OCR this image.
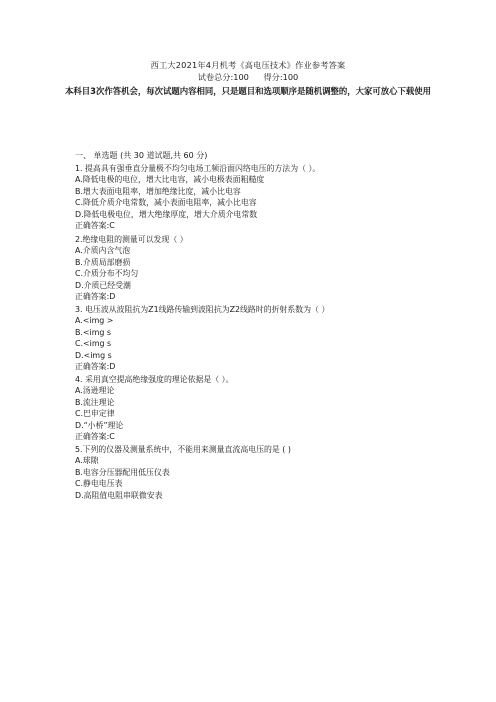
西工大2021年4月机考《高电压技术》作业参考答案
试卷总分:100 得分:100
本科目3次作答机会，每次试题内容相同，只是题目和选项顺序是随机调整的，大家可放心下载使用
一、 单选题 (共 30 道试题,共 60 分)
1. 提高具有强垂直分量极不均匀电场工频沿面闪络电压的方法为（ ）。
A.降低电极的电位，增大比电容，减小电极表面粗糙度
B.增大表面电阻率，增加绝缘比度，减小比电容
C.降低介质介电常数，减小表面电阻率，减小比电容
D.降低电极电位，增大绝缘厚度，增大介质介电常数
正确答案:C
2.绝缘电阻的测量可以发现（ ）
A.介质内含气泡
B.介质局部磨损
C.介质分布不均匀
D.介质已经受潮
正确答案:D
3. 电压波从波阻抗为Z1线路传输到波阻抗为Z2线路时的折射系数为（ ）
A.<img >
B.<img s
C.<img s
D.<img s
正确答案:D
4. 采用真空提高绝缘强度的理论依据是（ ）。
A.汤逊理论
B.流注理论
C.巴申定律
D.“小桥”理论
正确答案:C
5.下列的仪器及测量系统中，不能用来测量直流高电压的是 ( )
A.球隙
B.电容分压器配用低压仪表
C.静电电压表
D.高阻值电阻串联微安表
